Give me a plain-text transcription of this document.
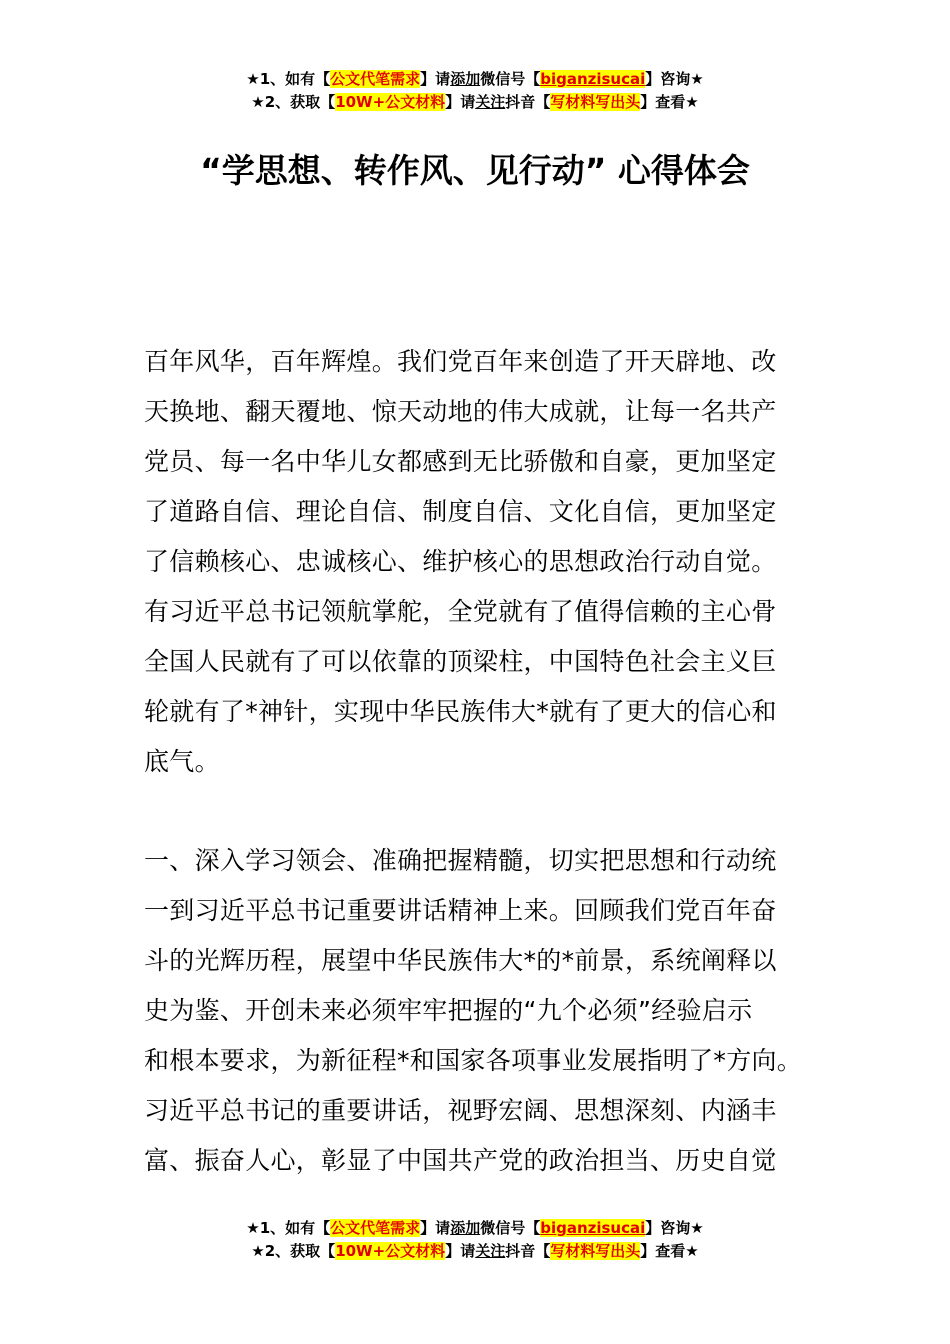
★1、如有【公文代笔需求】请添加微信号【biganzisucai】咨询★
★2、获取【10W+公文材料】请关注抖音【写材料写出头】查看★
“学思想、转作风、见行动” 心得体会
百年风华，百年辉煌。我们党百年来创造了开天辟地、改
天换地、翻天覆地、惊天动地的伟大成就，让每一名共产
党员、每一名中华儿女都感到无比骄傲和自豪，更加坚定
了道路自信、理论自信、制度自信、文化自信，更加坚定
了信赖核心、忠诚核心、维护核心的思想政治行动自觉。
有习近平总书记领航掌舵，全党就有了值得信赖的主心骨
全国人民就有了可以依靠的顶梁柱，中国特色社会主义巨
轮就有了*神针，实现中华民族伟大*就有了更大的信心和
底气。
一、深入学习领会、准确把握精髓，切实把思想和行动统
一到习近平总书记重要讲话精神上来。回顾我们党百年奋
斗的光辉历程，展望中华民族伟大*的*前景，系统阐释以
史为鉴、开创未来必须牢牢把握的“九个必须”经验启示
和根本要求，为新征程*和国家各项事业发展指明了*方向。
习近平总书记的重要讲话，视野宏阔、思想深刻、内涵丰
富、振奋人心，彰显了中国共产党的政治担当、历史自觉
★1、如有【公文代笔需求】请添加微信号【biganzisucai】咨询★
★2、获取【10W+公文材料】请关注抖音【写材料写出头】查看★
